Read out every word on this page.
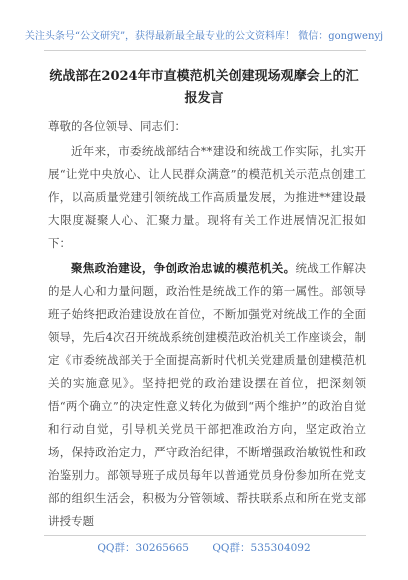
关注头条号“公文研究”，获得最新最全最专业的公文资料库！ 微信：gongwenyj
统战部在2024年市直模范机关创建现场观摩会上的汇报发言
尊敬的各位领导、同志们：

近年来，市委统战部结合**建设和统战工作实际，扎实开展“让党中央放心、让人民群众满意”的模范机关示范点创建工作，以高质量党建引领统战工作高质量发展，为推进**建设最大限度凝聚人心、汇聚力量。现将有关工作进展情况汇报如下：

聚焦政治建设，争创政治忠诚的模范机关。统战工作解决的是人心和力量问题，政治性是统战工作的第一属性。部领导班子始终把政治建设放在首位，不断加强党对统战工作的全面领导，先后4次召开统战系统创建模范政治机关工作座谈会，制定《市委统战部关于全面提高新时代机关党建质量创建模范机关的实施意见》。坚持把党的政治建设摆在首位，把深刻领悟“两个确立”的决定性意义转化为做到“两个维护”的政治自觉和行动自觉，引导机关党员干部把准政治方向，坚定政治立场，保持政治定力，严守政治纪律，不断增强政治敏锐性和政治鉴别力。部领导班子成员每年以普通党员身份参加所在党支部的组织生活会，积极为分管领域、帮扶联系点和所在党支部讲授专题

QQ群：30265665 QQ群：535304092
